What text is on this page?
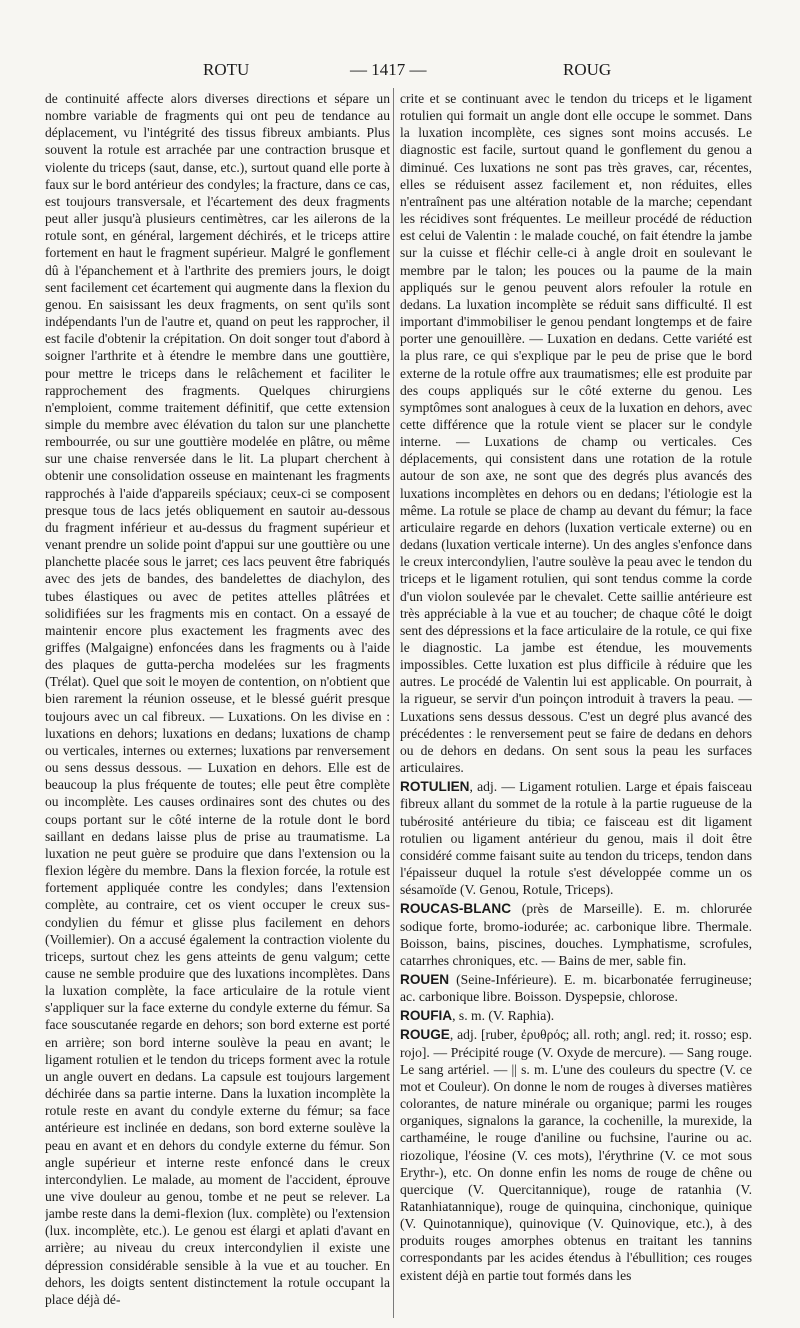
ROTU	— 1417 —	ROUG

de continuité affecte alors diverses directions et sépare un nombre variable de fragments qui ont peu de tendance au déplacement, vu l'intégrité des tissus fibreux ambiants. Plus souvent la rotule est arrachée par une contraction brusque et violente du triceps (saut, danse, etc.), surtout quand elle porte à faux sur le bord antérieur des condyles; la fracture, dans ce cas, est toujours transversale, et l'écartement des deux fragments peut aller jusqu'à plusieurs centimètres, car les ailerons de la rotule sont, en général, largement déchirés, et le triceps attire fortement en haut le fragment supérieur. Malgré le gonflement dû à l'épanchement et à l'arthrite des premiers jours, le doigt sent facilement cet écartement qui augmente dans la flexion du genou. En saisissant les deux fragments, on sent qu'ils sont indépendants l'un de l'autre et, quand on peut les rapprocher, il est facile d'obtenir la crépitation. On doit songer tout d'abord à soigner l'arthrite et à étendre le membre dans une gouttière, pour mettre le triceps dans le relâchement et faciliter le rapprochement des fragments. Quelques chirurgiens n'emploient, comme traitement définitif, que cette extension simple du membre avec élévation du talon sur une planchette rembourrée, ou sur une gouttière modelée en plâtre, ou même sur une chaise renversée dans le lit. La plupart cherchent à obtenir une consolidation osseuse en maintenant les fragments rapprochés à l'aide d'appareils spéciaux; ceux-ci se composent presque tous de lacs jetés obliquement en sautoir au-dessous du fragment inférieur et au-dessus du fragment supérieur et venant prendre un solide point d'appui sur une gouttière ou une planchette placée sous le jarret; ces lacs peuvent être fabriqués avec des jets de bandes, des bandelettes de diachylon, des tubes élastiques ou avec de petites attelles plâtrées et solidifiées sur les fragments mis en contact. On a essayé de maintenir encore plus exactement les fragments avec des griffes (Malgaigne) enfoncées dans les fragments ou à l'aide des plaques de gutta-percha modelées sur les fragments (Trélat). Quel que soit le moyen de contention, on n'obtient que bien rarement la réunion osseuse, et le blessé guérit presque toujours avec un cal fibreux. — Luxations. On les divise en : luxations en dehors; luxations en dedans; luxations de champ ou verticales, internes ou externes; luxations par renversement ou sens dessus dessous. — Luxation en dehors. Elle est de beaucoup la plus fréquente de toutes; elle peut être complète ou incomplète. Les causes ordinaires sont des chutes ou des coups portant sur le côté interne de la rotule dont le bord saillant en dedans laisse plus de prise au traumatisme. La luxation ne peut guère se produire que dans l'extension ou la flexion légère du membre. Dans la flexion forcée, la rotule est fortement appliquée contre les condyles; dans l'extension complète, au contraire, cet os vient occuper le creux sus-condylien du fémur et glisse plus facilement en dehors (Voillemier). On a accusé également la contraction violente du triceps, surtout chez les gens atteints de genu valgum; cette cause ne semble produire que des luxations incomplètes. Dans la luxation complète, la face articulaire de la rotule vient s'appliquer sur la face externe du condyle externe du fémur. Sa face souscutanée regarde en dehors; son bord externe est porté en arrière; son bord interne soulève la peau en avant; le ligament rotulien et le tendon du triceps forment avec la rotule un angle ouvert en dedans. La capsule est toujours largement déchirée dans sa partie interne. Dans la luxation incomplète la rotule reste en avant du condyle externe du fémur; sa face antérieure est inclinée en dedans, son bord externe soulève la peau en avant et en dehors du condyle externe du fémur. Son angle supérieur et interne reste enfoncé dans le creux intercondylien. Le malade, au moment de l'accident, éprouve une vive douleur au genou, tombe et ne peut se relever. La jambe reste dans la demi-flexion (lux. complète) ou l'extension (lux. incomplète, etc.). Le genou est élargi et aplati d'avant en arrière; au niveau du creux intercondylien il existe une dépression considérable sensible à la vue et au toucher. En dehors, les doigts sentent distinctement la rotule occupant la place déjà dé-

crite et se continuant avec le tendon du triceps et le ligament rotulien qui formait un angle dont elle occupe le sommet. Dans la luxation incomplète, ces signes sont moins accusés. Le diagnostic est facile, surtout quand le gonflement du genou a diminué. Ces luxations ne sont pas très graves, car, récentes, elles se réduisent assez facilement et, non réduites, elles n'entraînent pas une altération notable de la marche; cependant les récidives sont fréquentes. Le meilleur procédé de réduction est celui de Valentin : le malade couché, on fait étendre la jambe sur la cuisse et fléchir celle-ci à angle droit en soulevant le membre par le talon; les pouces ou la paume de la main appliqués sur le genou peuvent alors refouler la rotule en dedans. La luxation incomplète se réduit sans difficulté. Il est important d'immobiliser le genou pendant longtemps et de faire porter une genouillère. — Luxation en dedans. Cette variété est la plus rare, ce qui s'explique par le peu de prise que le bord externe de la rotule offre aux traumatismes; elle est produite par des coups appliqués sur le côté externe du genou. Les symptômes sont analogues à ceux de la luxation en dehors, avec cette différence que la rotule vient se placer sur le condyle interne. — Luxations de champ ou verticales. Ces déplacements, qui consistent dans une rotation de la rotule autour de son axe, ne sont que des degrés plus avancés des luxations incomplètes en dehors ou en dedans; l'étiologie est la même. La rotule se place de champ au devant du fémur; la face articulaire regarde en dehors (luxation verticale externe) ou en dedans (luxation verticale interne). Un des angles s'enfonce dans le creux intercondylien, l'autre soulève la peau avec le tendon du triceps et le ligament rotulien, qui sont tendus comme la corde d'un violon soulevée par le chevalet. Cette saillie antérieure est très appréciable à la vue et au toucher; de chaque côté le doigt sent des dépressions et la face articulaire de la rotule, ce qui fixe le diagnostic. La jambe est étendue, les mouvements impossibles. Cette luxation est plus difficile à réduire que les autres. Le procédé de Valentin lui est applicable. On pourrait, à la rigueur, se servir d'un poinçon introduit à travers la peau. — Luxations sens dessus dessous. C'est un degré plus avancé des précédentes : le renversement peut se faire de dedans en dehors ou de dehors en dedans. On sent sous la peau les surfaces articulaires.

ROTULIEN, adj. — Ligament rotulien. Large et épais faisceau fibreux allant du sommet de la rotule à la partie rugueuse de la tubérosité antérieure du tibia; ce faisceau est dit ligament rotulien ou ligament antérieur du genou, mais il doit être considéré comme faisant suite au tendon du triceps, tendon dans l'épaisseur duquel la rotule s'est développée comme un os sésamoïde (V. Genou, Rotule, Triceps).

ROUCAS-BLANC (près de Marseille). E. m. chlorurée sodique forte, bromo-iodurée; ac. carbonique libre. Thermale. Boisson, bains, piscines, douches. Lymphatisme, scrofules, catarrhes chroniques, etc. — Bains de mer, sable fin.

ROUEN (Seine-Inférieure). E. m. bicarbonatée ferrugineuse; ac. carbonique libre. Boisson. Dyspepsie, chlorose.

ROUFIA, s. m. (V. Raphia).

ROUGE, adj. [ruber, ἐρυθρός; all. roth; angl. red; it. rosso; esp. rojo]. — Précipité rouge (V. Oxyde de mercure). — Sang rouge. Le sang artériel. — || s. m. L'une des couleurs du spectre (V. ce mot et Couleur). On donne le nom de rouges à diverses matières colorantes, de nature minérale ou organique; parmi les rouges organiques, signalons la garance, la cochenille, la murexide, la carthaméine, le rouge d'aniline ou fuchsine, l'aurine ou ac. riozolique, l'éosine (V. ces mots), l'érythrine (V. ce mot sous Erythr-), etc. On donne enfin les noms de rouge de chêne ou quercique (V. Quercitannique), rouge de ratanhia (V. Ratanhiatannique), rouge de quinquina, cinchonique, quinique (V. Quinotannique), quinovique (V. Quinovique, etc.), à des produits rouges amorphes obtenus en traitant les tannins correspondants par les acides étendus à l'ébullition; ces rouges existent déjà en partie tout formés dans les
